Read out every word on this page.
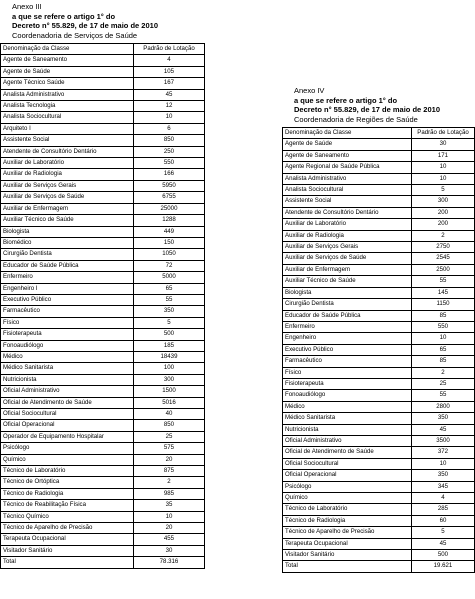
Anexo III
a que se refere o artigo 1° do
Decreto n° 55.829, de 17 de maio de 2010
Coordenadoria de Serviços de Saúde
Denominação da Classe	Padrão de Lotação
Agente de Saneamento	4
Agente de Saúde	105
Agente Técnico Saúde	167
Analista Administrativo	45
Analista Tecnologia	12
Analista Sociocultural	10
Arquiteto I	6
Assistente Social	850
Atendente de Consultório Dentário	250
Auxiliar de Laboratório	550
Auxiliar de Radiologia	166
Auxiliar de Serviços Gerais	5950
Auxiliar de Serviços de Saúde	6755
Auxiliar de Enfermagem	25000
Auxiliar Técnico de Saúde	1288
Biologista	449
Biomédico	150
Cirurgião Dentista	1050
Educador de Saúde Pública	72
Enfermeiro	5000
Engenheiro I	65
Executivo Público	55
Farmacêutico	350
Físico	5
Fisioterapeuta	500
Fonoaudiólogo	185
Médico	18439
Médico Sanitarista	100
Nutricionista	300
Oficial Administrativo	1500
Oficial de Atendimento de Saúde	5016
Oficial Sociocultural	40
Oficial Operacional	850
Operador de Equipamento Hospitalar	25
Psicólogo	575
Químico	20
Técnico de Laboratório	875
Técnico de Ortóptica	2
Técnico de Radiologia	985
Técnico de Reabilitação Física	35
Técnico Químico	10
Técnico de Aparelho de Precisão	20
Terapeuta Ocupacional	455
Visitador Sanitário	30
Total	78.316
Anexo IV
a que se refere o artigo 1° do
Decreto n° 55.829, de 17 de maio de 2010
Coordenadoria de Regiões de Saúde
Denominação da Classe	Padrão de Lotação
Agente de Saúde	30
Agente de Saneamento	171
Agente Regional de Saúde Pública	10
Analista Administrativo	10
Analista Sociocultural	5
Assistente Social	300
Atendente de Consultório Dentário	200
Auxiliar de Laboratório	200
Auxiliar de Radiologia	2
Auxiliar de Serviços Gerais	2750
Auxiliar de Serviços de Saúde	2545
Auxiliar de Enfermagem	2500
Auxiliar Técnico de Saúde	55
Biologista	145
Cirurgião Dentista	1150
Educador de Saúde Pública	85
Enfermeiro	550
Engenheiro	10
Executivo Público	65
Farmacêutico	85
Físico	2
Fisioterapeuta	25
Fonoaudiólogo	55
Médico	2800
Médico Sanitarista	350
Nutricionista	45
Oficial Administrativo	3500
Oficial de Atendimento de Saúde	372
Oficial Sociocultural	10
Oficial Operacional	350
Psicólogo	345
Químico	4
Técnico de Laboratório	285
Técnico de Radiologia	60
Técnico de Aparelho de Precisão	5
Terapeuta Ocupacional	45
Visitador Sanitário	500
Total	19.621
